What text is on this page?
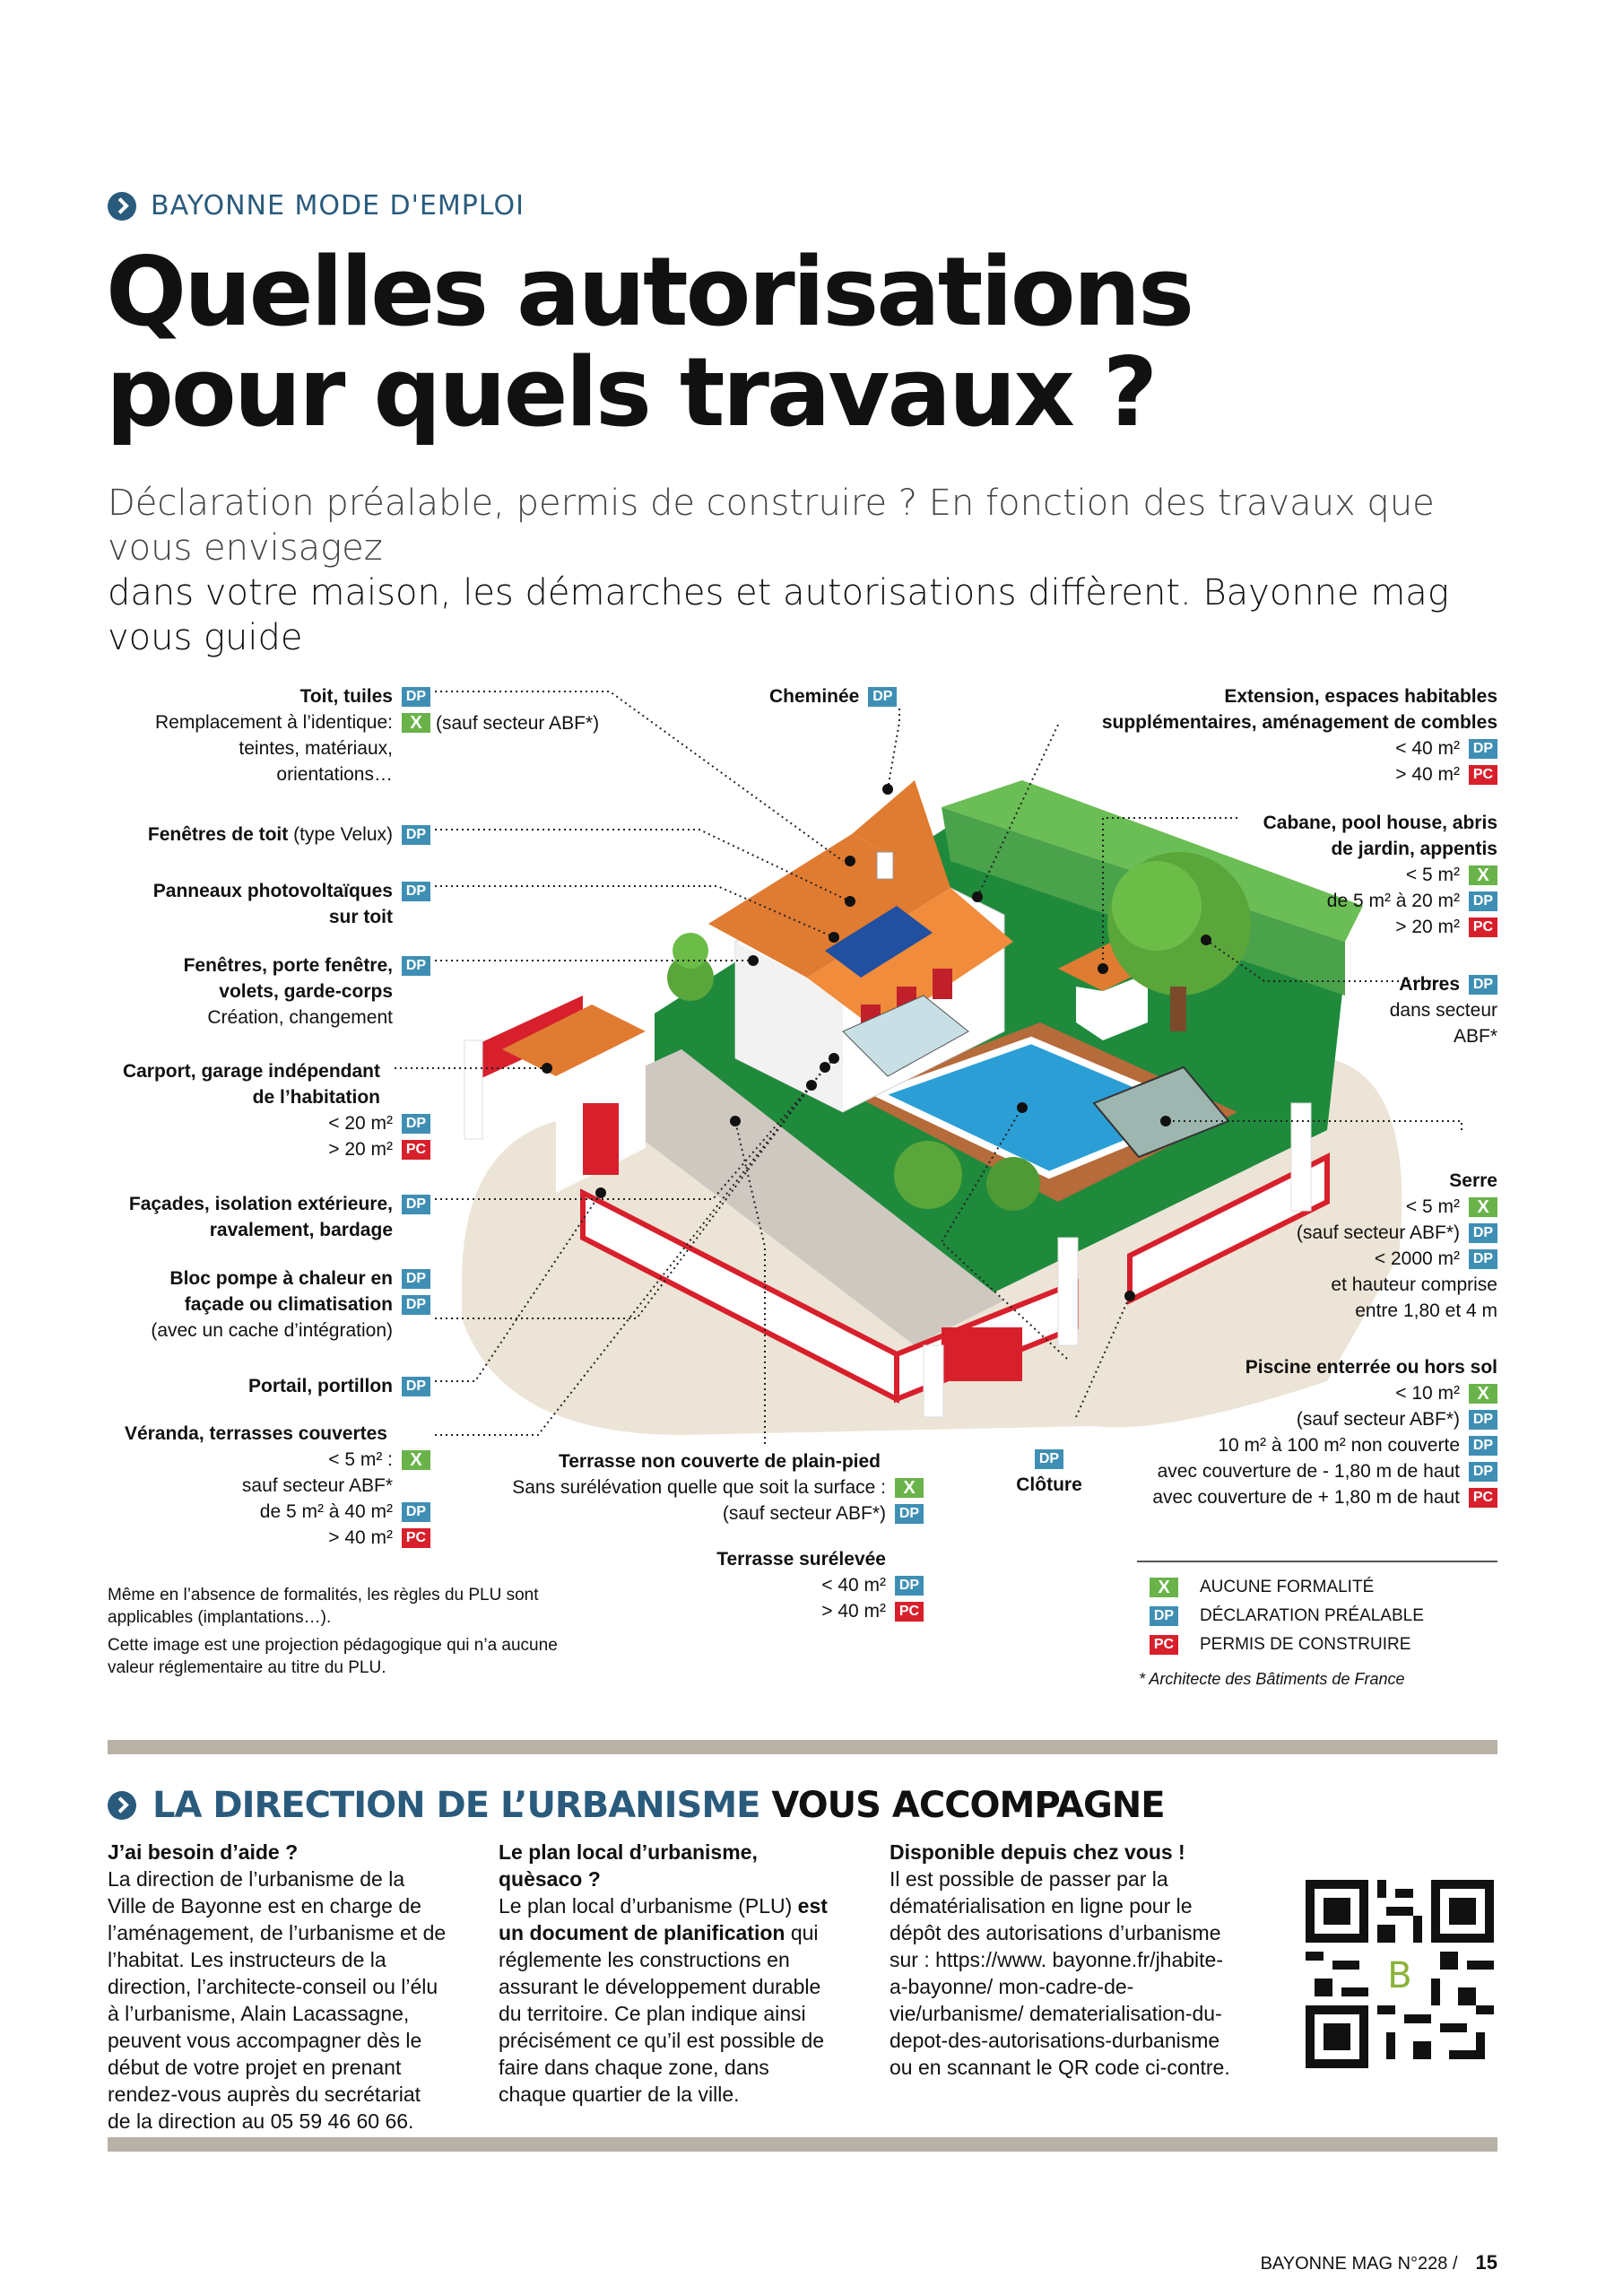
BAYONNE MODE D'EMPLOI
Quelles autorisations
pour quels travaux ?
Déclaration préalable, permis de construire ? En fonction des travaux que vous envisagez
dans votre maison, les démarches et autorisations diffèrent. Bayonne mag vous guide
Toit, tuiles DP
Remplacement à l’identique: X
teintes, matériaux,
orientations…
(sauf secteur ABF*)
Fenêtres de toit (type Velux) DP
Panneaux photovoltaïques DP
sur toit
Fenêtres, porte fenêtre, DP
volets, garde-corps
Création, changement
Carport, garage indépendant
de l’habitation
< 20 m² DP
> 20 m² PC
Façades, isolation extérieure, DP
ravalement, bardage
Bloc pompe à chaleur en DP
façade ou climatisation DP
(avec un cache d’intégration)
Portail, portillon DP
Véranda, terrasses couvertes
< 5 m² : X
sauf secteur ABF*
de 5 m² à 40 m² DP
> 40 m² PC
Cheminée DP	Extension, espaces habitables
supplémentaires, aménagement de combles
< 40 m² DP
> 40 m² PC
Cabane, pool house, abris
de jardin, appentis
< 5 m² X
de 5 m² à 20 m² DP
> 20 m² PC
Arbres DP
dans secteur
ABF*
Serre
< 5 m² X
(sauf secteur ABF*) DP
< 2000 m² DP
et hauteur comprise
entre 1,80 et 4 m
Piscine enterrée ou hors sol
< 10 m² X
(sauf secteur ABF*) DP
10 m² à 100 m² non couverte DP
avec couverture de - 1,80 m de haut DP
avec couverture de + 1,80 m de haut PC
Terrasse non couverte de plain-pied
Sans surélévation quelle que soit la surface : X
(sauf secteur ABF*) DP
DP
Clôture
Terrasse surélevée
< 40 m² DP
> 40 m² PC
Même en l’absence de formalités, les règles du PLU sont applicables (implantations…).
Cette image est une projection pédagogique qui n’a aucune valeur réglementaire au titre du PLU.
X	AUCUNE FORMALITÉ
DP DÉCLARATION PRÉALABLE
PC PERMIS DE CONSTRUIRE
* Architecte des Bâtiments de France
LA DIRECTION DE L’URBANISME VOUS ACCOMPAGNE
J’ai besoin d’aide ?
La direction de l’urbanisme de la Ville de Bayonne est en charge de l’aménagement, de l’urbanisme et de l’habitat. Les instructeurs de la direction, l’architecte-conseil ou l’élu à l’urbanisme, Alain Lacassagne, peuvent vous accompagner dès le début de votre projet en prenant rendez-vous auprès du secrétariat de la direction au 05 59 46 60 66.
Le plan local d’urbanisme, quèsaco ?
Le plan local d’urbanisme (PLU) est un document de planification qui réglemente les constructions en assurant le développement durable du territoire. Ce plan indique ainsi précisément ce qu’il est possible de faire dans chaque zone, dans chaque quartier de la ville.
Disponible depuis chez vous !
Il est possible de passer par la dématérialisation en ligne pour le dépôt des autorisations d’urbanisme sur : https://www. bayonne.fr/jhabite-a-bayonne/ mon-cadre-de-vie/urbanisme/ dematerialisation-du-depot-des-autorisations-durbanisme ou en scannant le QR code ci-contre.
B
BAYONNE MAG N°228 / 15
